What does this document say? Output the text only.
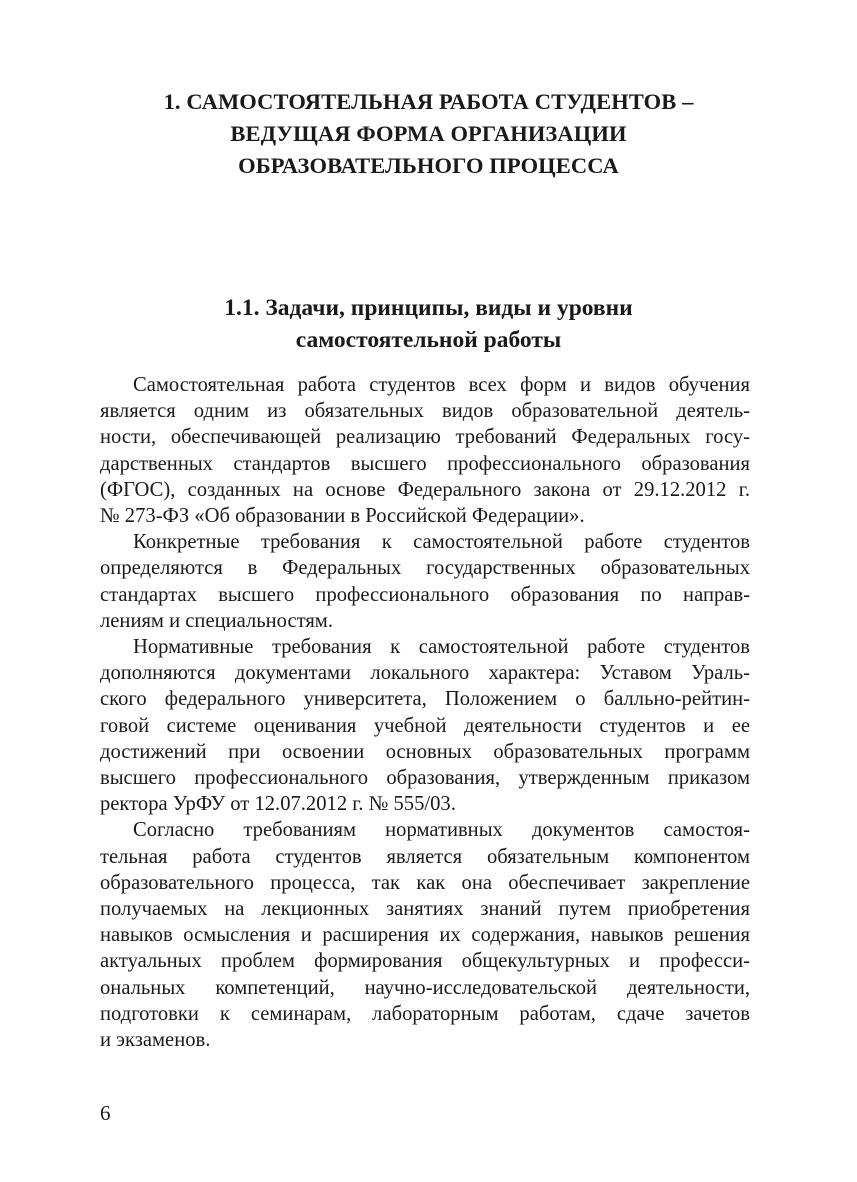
1. САМОСТОЯТЕЛЬНАЯ РАБОТА СТУДЕНТОВ –
ВЕДУЩАЯ ФОРМА ОРГАНИЗАЦИИ
ОБРАЗОВАТЕЛЬНОГО ПРОЦЕССА
1.1. Задачи, принципы, виды и уровни
самостоятельной работы

Самостоятельная работа студентов всех форм и видов обучения
является одним из обязательных видов образовательной деятель-
ности, обеспечивающей реализацию требований Федеральных госу-
дарственных стандартов высшего профессионального образования
(ФГОС), созданных на основе Федерального закона от 29.12.2012 г.
№ 273-ФЗ «Об образовании в Российской Федерации».

Конкретные требования к самостоятельной работе студентов
определяются в Федеральных государственных образовательных
стандартах высшего профессионального образования по направ-
лениям и специальностям.

Нормативные требования к самостоятельной работе студентов
дополняются документами локального характера: Уставом Ураль-
ского федерального университета, Положением о балльно-рейтин-
говой системе оценивания учебной деятельности студентов и ее
достижений при освоении основных образовательных программ
высшего профессионального образования, утвержденным приказом
ректора УрФУ от 12.07.2012 г. № 555/03.

Согласно требованиям нормативных документов самостоя-
тельная работа студентов является обязательным компонентом
образовательного процесса, так как она обеспечивает закрепление
получаемых на лекционных занятиях знаний путем приобретения
навыков осмысления и расширения их содержания, навыков решения
актуальных проблем формирования общекультурных и професси-
ональных компетенций, научно-исследовательской деятельности,
подготовки к семинарам, лабораторным работам, сдаче зачетов
и экзаменов.

6
